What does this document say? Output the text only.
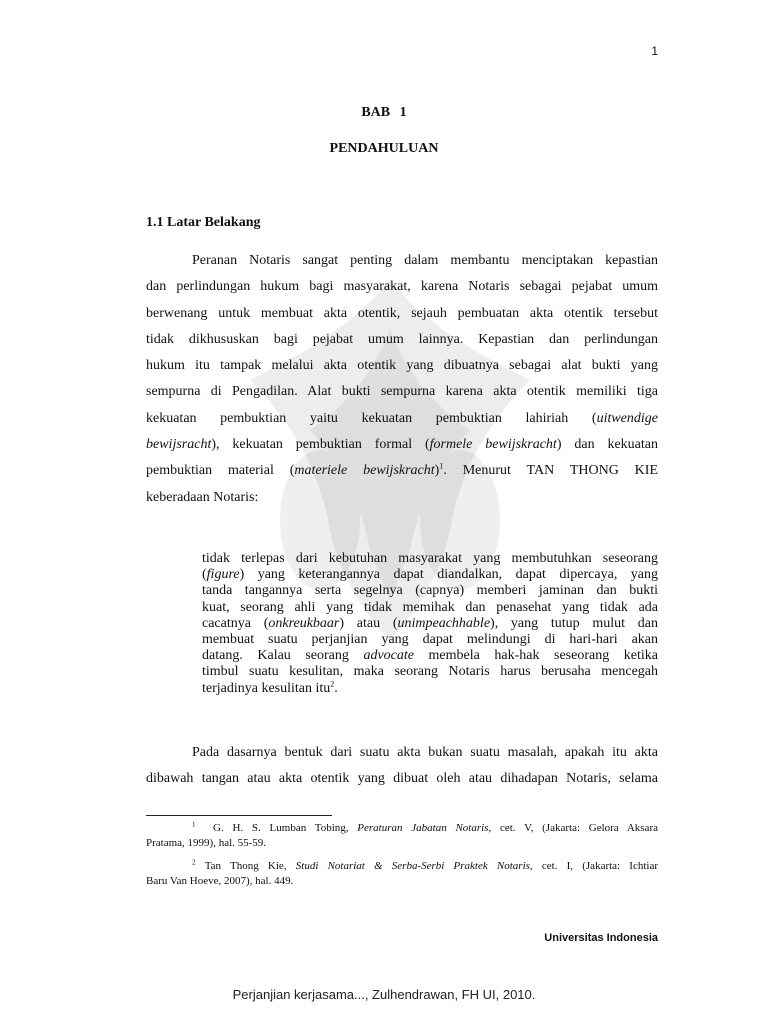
1
BAB 1
PENDAHULUAN
1.1 Latar Belakang
Peranan Notaris sangat penting dalam membantu menciptakan kepastian
dan perlindungan hukum bagi masyarakat, karena Notaris sebagai pejabat umum
berwenang untuk membuat akta otentik, sejauh pembuatan akta otentik tersebut
tidak dikhususkan bagi pejabat umum lainnya. Kepastian dan perlindungan
hukum itu tampak melalui akta otentik yang dibuatnya sebagai alat bukti yang
sempurna di Pengadilan. Alat bukti sempurna karena akta otentik memiliki tiga
kekuatan pembuktian yaitu kekuatan pembuktian lahiriah (uitwendige
bewijsracht), kekuatan pembuktian formal (formele bewijskracht) dan kekuatan
pembuktian material (materiele bewijskracht)$^1$. Menurut TAN THONG KIE
keberadaan Notaris:
tidak terlepas dari kebutuhan masyarakat yang membutuhkan seseorang
(figure) yang keterangannya dapat diandalkan, dapat dipercaya, yang
tanda tangannya serta segelnya (capnya) memberi jaminan dan bukti
kuat, seorang ahli yang tidak memihak dan penasehat yang tidak ada
cacatnya (onkreukbaar) atau (unimpeachhable), yang tutup mulut dan
membuat suatu perjanjian yang dapat melindungi di hari-hari akan
datang. Kalau seorang advocate membela hak-hak seseorang ketika
timbul suatu kesulitan, maka seorang Notaris harus berusaha mencegah
terjadinya kesulitan itu$^2$.
Pada dasarnya bentuk dari suatu akta bukan suatu masalah, apakah itu akta
dibawah tangan atau akta otentik yang dibuat oleh atau dihadapan Notaris, selama
$^1$ G. H. S. Lumban Tobing, Peraturan Jabatan Notaris, cet. V, (Jakarta: Gelora Aksara
Pratama, 1999), hal. 55-59.
$^2$ Tan Thong Kie, Studi Notariat & Serba-Serbi Praktek Notaris, cet. I, (Jakarta: Ichtiar
Baru Van Hoeve, 2007), hal. 449.
Universitas Indonesia
Perjanjian kerjasama..., Zulhendrawan, FH UI, 2010.
